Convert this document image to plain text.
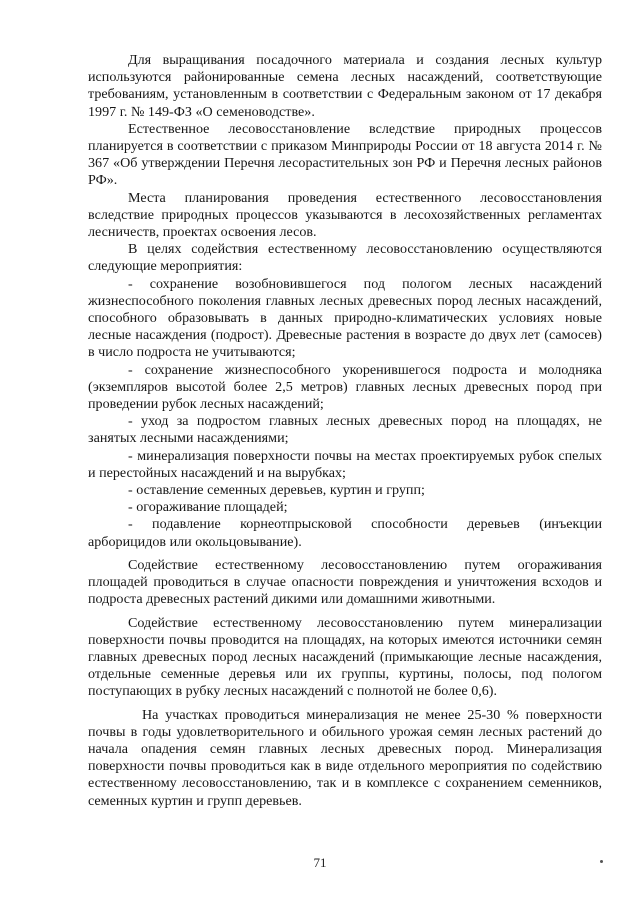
Для выращивания посадочного материала и создания лесных культур используются районированные семена лесных насаждений, соответствующие требованиям, установленным в соответствии с Федеральным законом от 17 декабря 1997 г. № 149-ФЗ «О семеноводстве».

Естественное лесовосстановление вследствие природных процессов планируется в соответствии с приказом Минприроды России от 18 августа 2014 г. № 367 «Об утверждении Перечня лесорастительных зон РФ и Перечня лесных районов РФ».

Места планирования проведения естественного лесовосстановления вследствие природных процессов указываются в лесохозяйственных регламентах лесничеств, проектах освоения лесов.

В целях содействия естественному лесовосстановлению осуществляются следующие мероприятия:

- сохранение возобновившегося под пологом лесных насаждений жизнеспособного поколения главных лесных древесных пород лесных насаждений, способного образовывать в данных природно-климатических условиях новые лесные насаждения (подрост). Древесные растения в возрасте до двух лет (самосев) в число подроста не учитываются;

- сохранение жизнеспособного укоренившегося подроста и молодняка (экземпляров высотой более 2,5 метров) главных лесных древесных пород при проведении рубок лесных насаждений;

- уход за подростом главных лесных древесных пород на площадях, не занятых лесными насаждениями;

- минерализация поверхности почвы на местах проектируемых рубок спелых и перестойных насаждений и на вырубках;

- оставление семенных деревьев, куртин и групп;

- огораживание площадей;

- подавление корнеотпрысковой способности деревьев (инъекции арборицидов или окольцовывание).

Содействие естественному лесовосстановлению путем огораживания площадей проводиться в случае опасности повреждения и уничтожения всходов и подроста древесных растений дикими или домашними животными.

Содействие естественному лесовосстановлению путем минерализации поверхности почвы проводится на площадях, на которых имеются источники семян главных древесных пород лесных насаждений (примыкающие лесные насаждения, отдельные семенные деревья или их группы, куртины, полосы, под пологом поступающих в рубку лесных насаждений с полнотой не более 0,6).

На участках проводиться минерализация не менее 25-30 % поверхности почвы в годы удовлетворительного и обильного урожая семян лесных растений до начала опадения семян главных лесных древесных пород. Минерализация поверхности почвы проводиться как в виде отдельного мероприятия по содействию естественному лесовосстановлению, так и в комплексе с сохранением семенников, семенных куртин и групп деревьев.

71
